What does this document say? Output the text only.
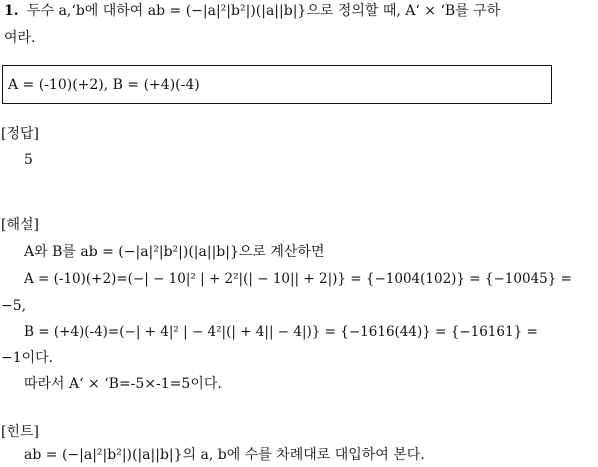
1. 두수 a,‘b에 대하여 ab = (−|a|²|b²|)(|a||b|}으로 정의할 때, A‘ × ‘B를 구하
여라.
A = (-10)(+2), B = (+4)(-4)
[정답]
5
[해설]
A와 B를 ab = (−|a|²|b²|)(|a||b|}으로 계산하면
A = (-10)(+2)=(−| − 10|² | + 2²|(| − 10|| + 2|)} = {−1004(102)} = {−10045} =
−5,
B = (+4)(-4)=(−| + 4|² | − 4²|(| + 4|| − 4|)} = {−1616(44)} = {−16161} =
−1이다.
따라서 A‘ × ‘B=-5×-1=5이다.
[힌트]
ab = (−|a|²|b²|)(|a||b|}의 a, b에 수를 차례대로 대입하여 본다.
